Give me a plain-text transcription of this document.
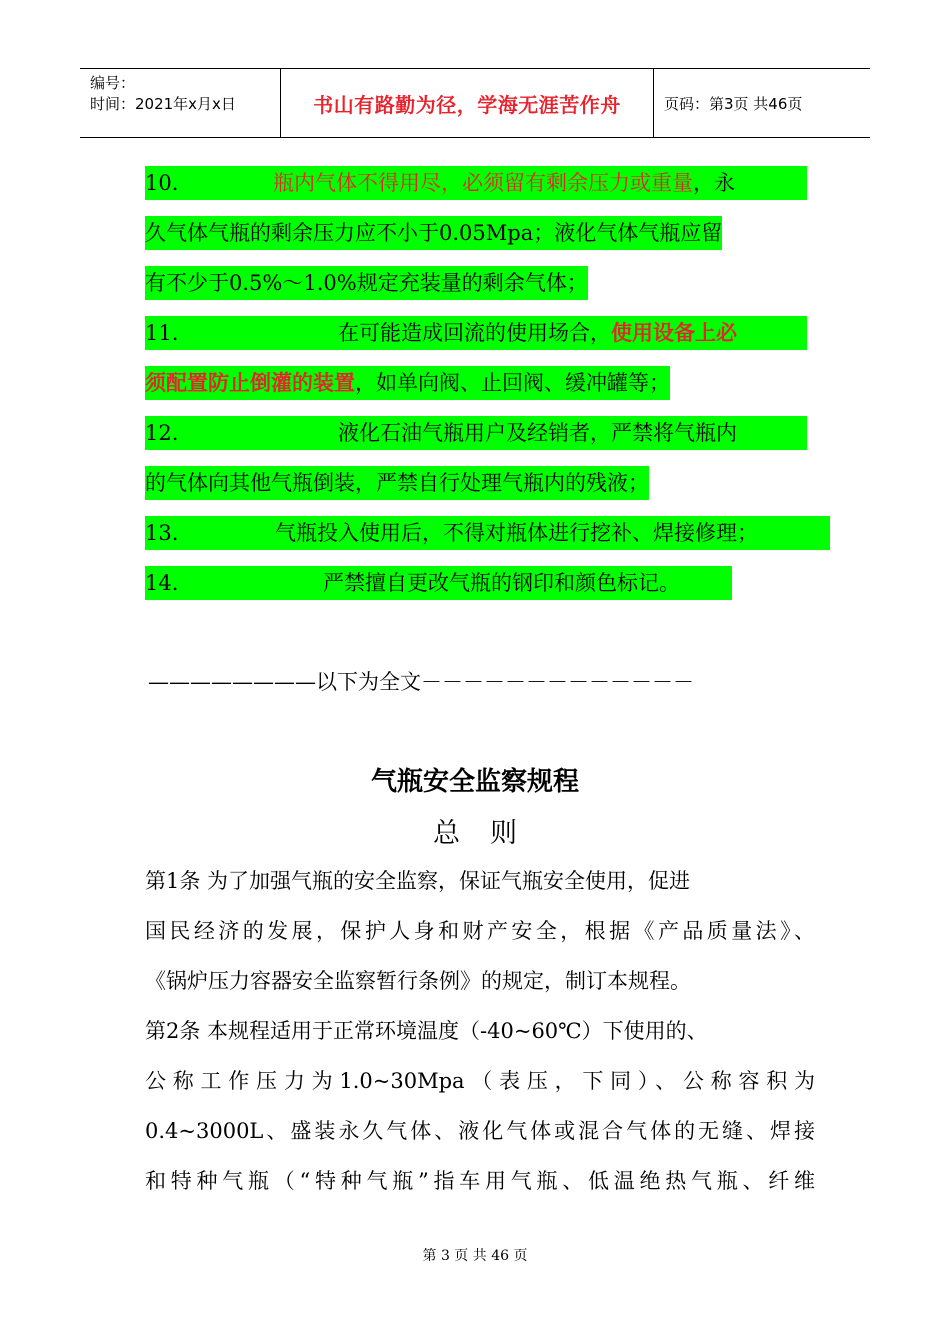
编号：
时间：2021年x月x日	书山有路勤为径，学海无涯苦作舟	页码：第3页 共46页
10.	瓶内气体不得用尽，必须留有剩余压力或重量，永
久气体气瓶的剩余压力应不小于0.05Mpa；液化气体气瓶应留
有不少于0.5%～1.0%规定充装量的剩余气体；
11.	在可能造成回流的使用场合，使用设备上必
须配置防止倒灌的装置，如单向阀、止回阀、缓冲罐等；
12.	液化石油气瓶用户及经销者，严禁将气瓶内
的气体向其他气瓶倒装，严禁自行处理气瓶内的残液；
13.	气瓶投入使用后，不得对瓶体进行挖补、焊接修理；
14.	严禁擅自更改气瓶的钢印和颜色标记。
————————以下为全文－－－－－－－－－－－－－
气瓶安全监察规程
总则
第1条 为了加强气瓶的安全监察，保证气瓶安全使用，促进
国民经济的发展，保护人身和财产安全，根据《产品质量法》、
《锅炉压力容器安全监察暂行条例》的规定，制订本规程。
第2条 本规程适用于正常环境温度（-40~60℃）下使用的、
公称工作压力为1.0~30Mpa（表压，下同）、公称容积为
0.4~3000L、盛装永久气体、液化气体或混合气体的无缝、焊接
和特种气瓶（“特种气瓶”指车用气瓶、低温绝热气瓶、纤维
第 3 页 共 46 页
